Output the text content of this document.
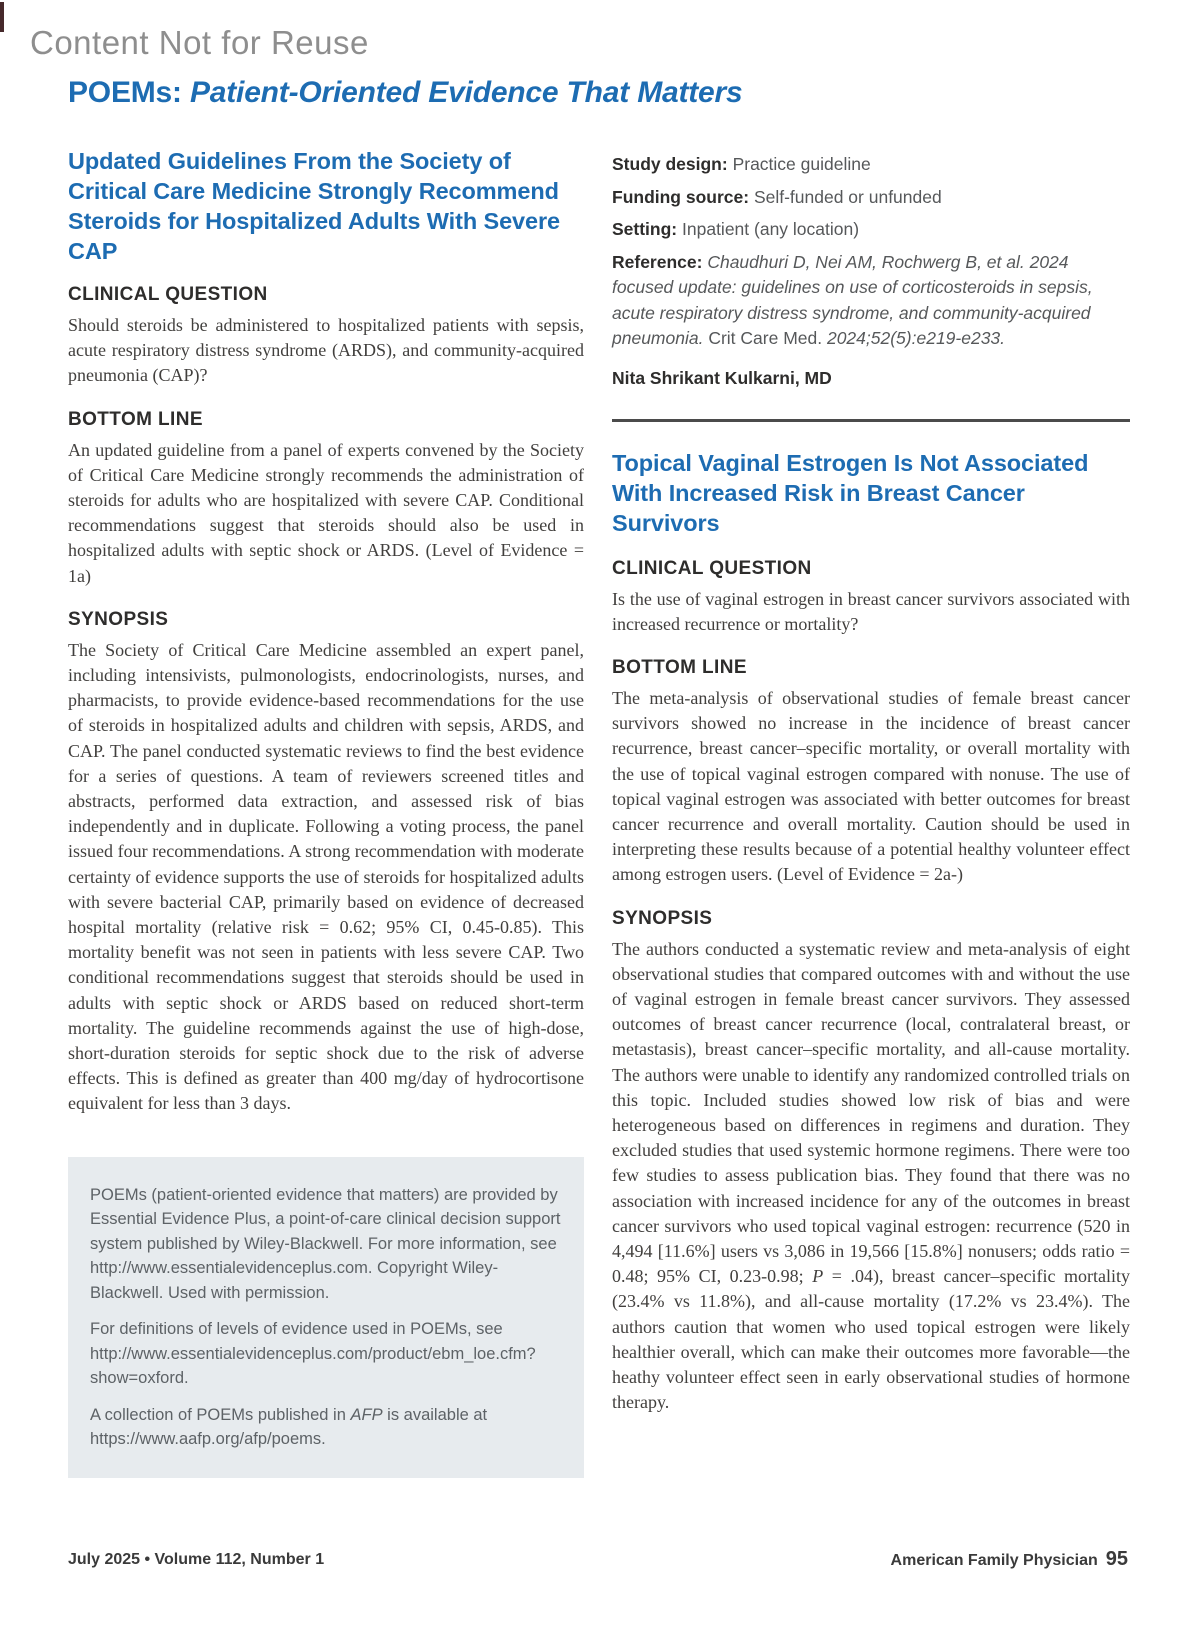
Content Not for Reuse
POEMs: Patient-Oriented Evidence That Matters
Updated Guidelines From the Society of Critical Care Medicine Strongly Recommend Steroids for Hospitalized Adults With Severe CAP
CLINICAL QUESTION

Should steroids be administered to hospitalized patients with sepsis, acute respiratory distress syndrome (ARDS), and community-acquired pneumonia (CAP)?

BOTTOM LINE

An updated guideline from a panel of experts convened by the Society of Critical Care Medicine strongly recommends the administration of steroids for adults who are hospitalized with severe CAP. Conditional recommendations suggest that steroids should also be used in hospitalized adults with septic shock or ARDS. (Level of Evidence = 1a)

SYNOPSIS

The Society of Critical Care Medicine assembled an expert panel, including intensivists, pulmonologists, endocrinologists, nurses, and pharmacists, to provide evidence-based recommendations for the use of steroids in hospitalized adults and children with sepsis, ARDS, and CAP. The panel conducted systematic reviews to find the best evidence for a series of questions. A team of reviewers screened titles and abstracts, performed data extraction, and assessed risk of bias independently and in duplicate. Following a voting process, the panel issued four recommendations. A strong recommendation with moderate certainty of evidence supports the use of steroids for hospitalized adults with severe bacterial CAP, primarily based on evidence of decreased hospital mortality (relative risk = 0.62; 95% CI, 0.45-0.85). This mortality benefit was not seen in patients with less severe CAP. Two conditional recommendations suggest that steroids should be used in adults with septic shock or ARDS based on reduced short-term mortality. The guideline recommends against the use of high-dose, short-duration steroids for septic shock due to the risk of adverse effects. This is defined as greater than 400 mg/day of hydrocortisone equivalent for less than 3 days.

POEMs (patient-oriented evidence that matters) are provided by Essential Evidence Plus, a point-of-care clinical decision support system published by Wiley-Blackwell. For more information, see http://www.essentialevidenceplus.com. Copyright Wiley-Blackwell. Used with permission.

For definitions of levels of evidence used in POEMs, see http://www.essentialevidenceplus.com/product/ebm_loe.cfm?show=oxford.

A collection of POEMs published in AFP is available at https://www.aafp.org/afp/poems.

Study design: Practice guideline

Funding source: Self-funded or unfunded

Setting: Inpatient (any location)

Reference: Chaudhuri D, Nei AM, Rochwerg B, et al. 2024 focused update: guidelines on use of corticosteroids in sepsis, acute respiratory distress syndrome, and community-acquired pneumonia. Crit Care Med. 2024;52(5):e219-e233.

Nita Shrikant Kulkarni, MD

Topical Vaginal Estrogen Is Not Associated With Increased Risk in Breast Cancer Survivors
CLINICAL QUESTION

Is the use of vaginal estrogen in breast cancer survivors associated with increased recurrence or mortality?

BOTTOM LINE

The meta-analysis of observational studies of female breast cancer survivors showed no increase in the incidence of breast cancer recurrence, breast cancer–specific mortality, or overall mortality with the use of topical vaginal estrogen compared with nonuse. The use of topical vaginal estrogen was associated with better outcomes for breast cancer recurrence and overall mortality. Caution should be used in interpreting these results because of a potential healthy volunteer effect among estrogen users. (Level of Evidence = 2a-)

SYNOPSIS

The authors conducted a systematic review and meta-analysis of eight observational studies that compared outcomes with and without the use of vaginal estrogen in female breast cancer survivors. They assessed outcomes of breast cancer recurrence (local, contralateral breast, or metastasis), breast cancer–specific mortality, and all-cause mortality. The authors were unable to identify any randomized controlled trials on this topic. Included studies showed low risk of bias and were heterogeneous based on differences in regimens and duration. They excluded studies that used systemic hormone regimens. There were too few studies to assess publication bias. They found that there was no association with increased incidence for any of the outcomes in breast cancer survivors who used topical vaginal estrogen: recurrence (520 in 4,494 [11.6%] users vs 3,086 in 19,566 [15.8%] nonusers; odds ratio = 0.48; 95% CI, 0.23-0.98; P = .04), breast cancer–specific mortality (23.4% vs 11.8%), and all-cause mortality (17.2% vs 23.4%). The authors caution that women who used topical estrogen were likely healthier overall, which can make their outcomes more favorable—the heathy volunteer effect seen in early observational studies of hormone therapy.

July 2025 • Volume 112, Number 1	American Family Physician 95
